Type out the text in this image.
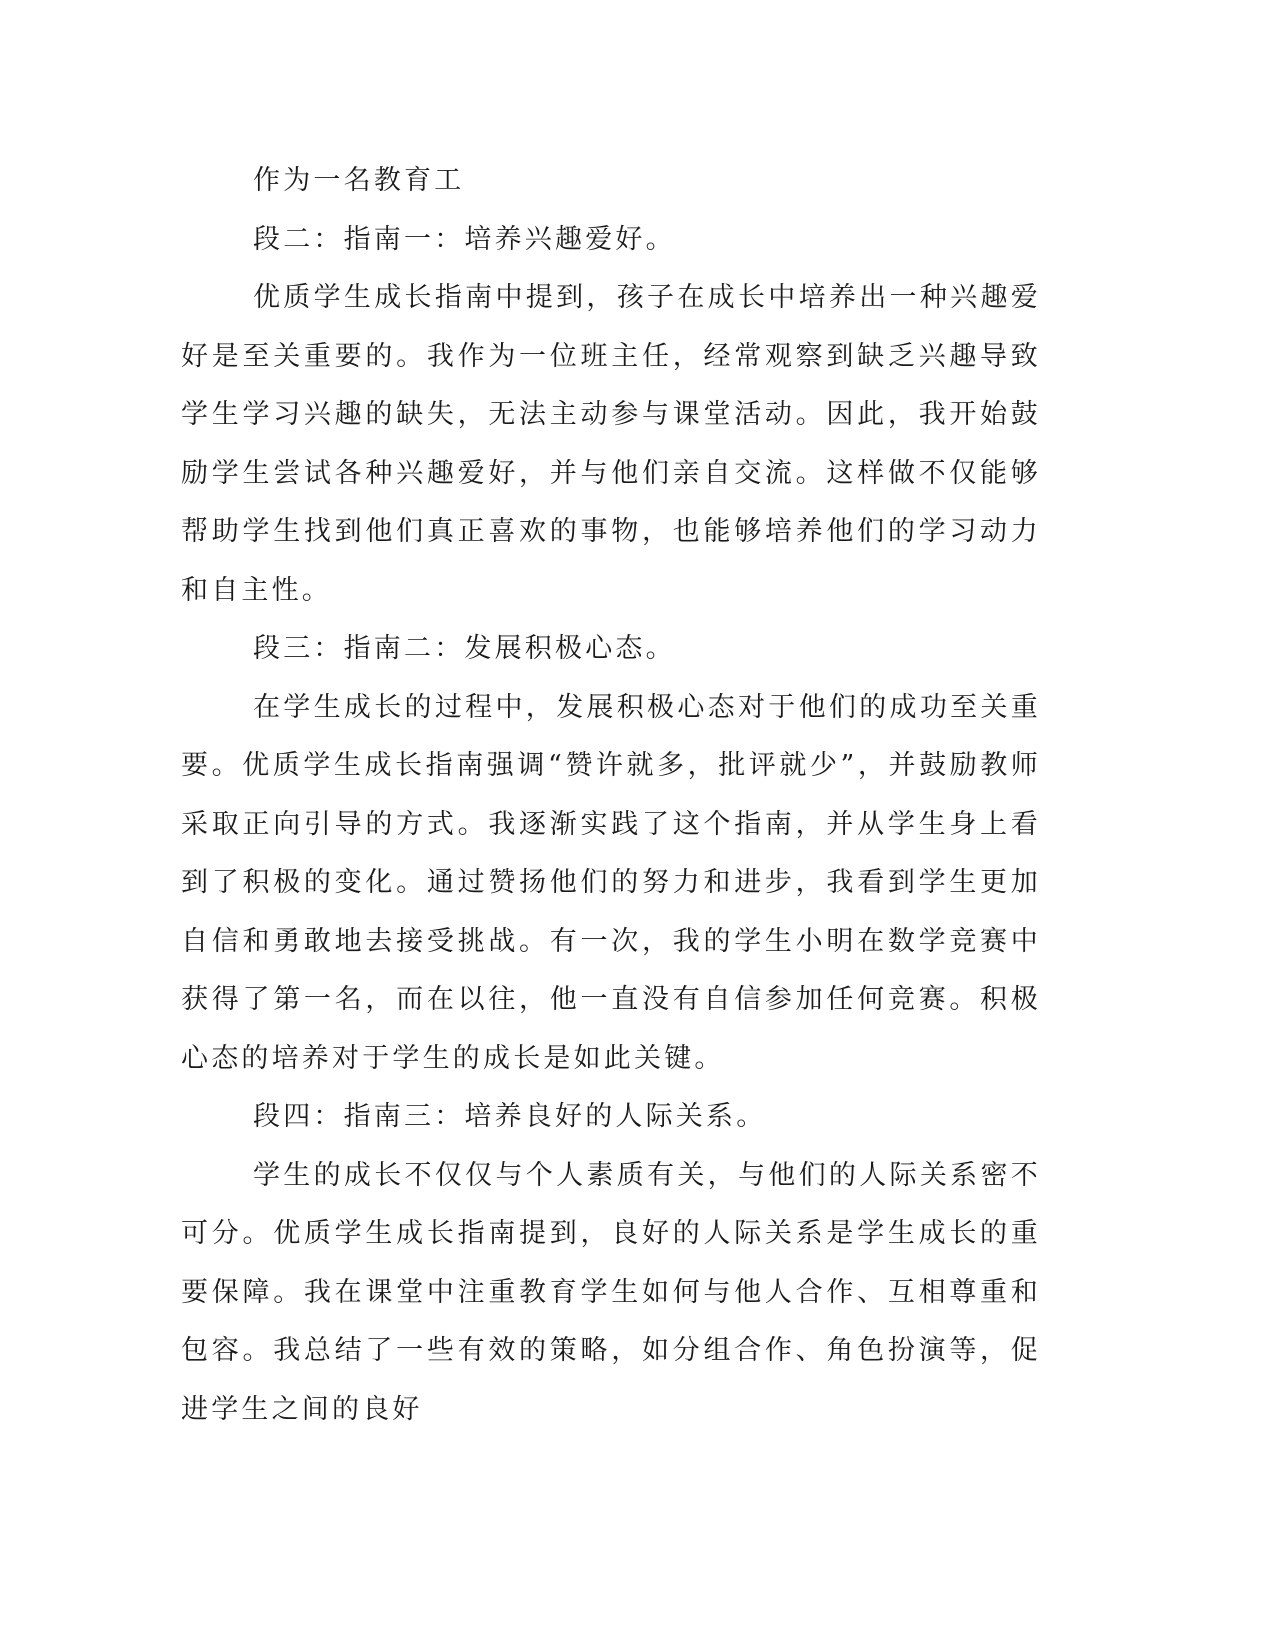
作为一名教育工

段二：指南一：培养兴趣爱好。

优质学生成长指南中提到，孩子在成长中培养出一种兴趣爱好是至关重要的。我作为一位班主任，经常观察到缺乏兴趣导致学生学习兴趣的缺失，无法主动参与课堂活动。因此，我开始鼓励学生尝试各种兴趣爱好，并与他们亲自交流。这样做不仅能够帮助学生找到他们真正喜欢的事物，也能够培养他们的学习动力和自主性。

段三：指南二：发展积极心态。

在学生成长的过程中，发展积极心态对于他们的成功至关重要。优质学生成长指南强调“赞许就多，批评就少”，并鼓励教师采取正向引导的方式。我逐渐实践了这个指南，并从学生身上看到了积极的变化。通过赞扬他们的努力和进步，我看到学生更加自信和勇敢地去接受挑战。有一次，我的学生小明在数学竞赛中获得了第一名，而在以往，他一直没有自信参加任何竞赛。积极心态的培养对于学生的成长是如此关键。

段四：指南三：培养良好的人际关系。

学生的成长不仅仅与个人素质有关，与他们的人际关系密不可分。优质学生成长指南提到，良好的人际关系是学生成长的重要保障。我在课堂中注重教育学生如何与他人合作、互相尊重和包容。我总结了一些有效的策略，如分组合作、角色扮演等，促进学生之间的良好
